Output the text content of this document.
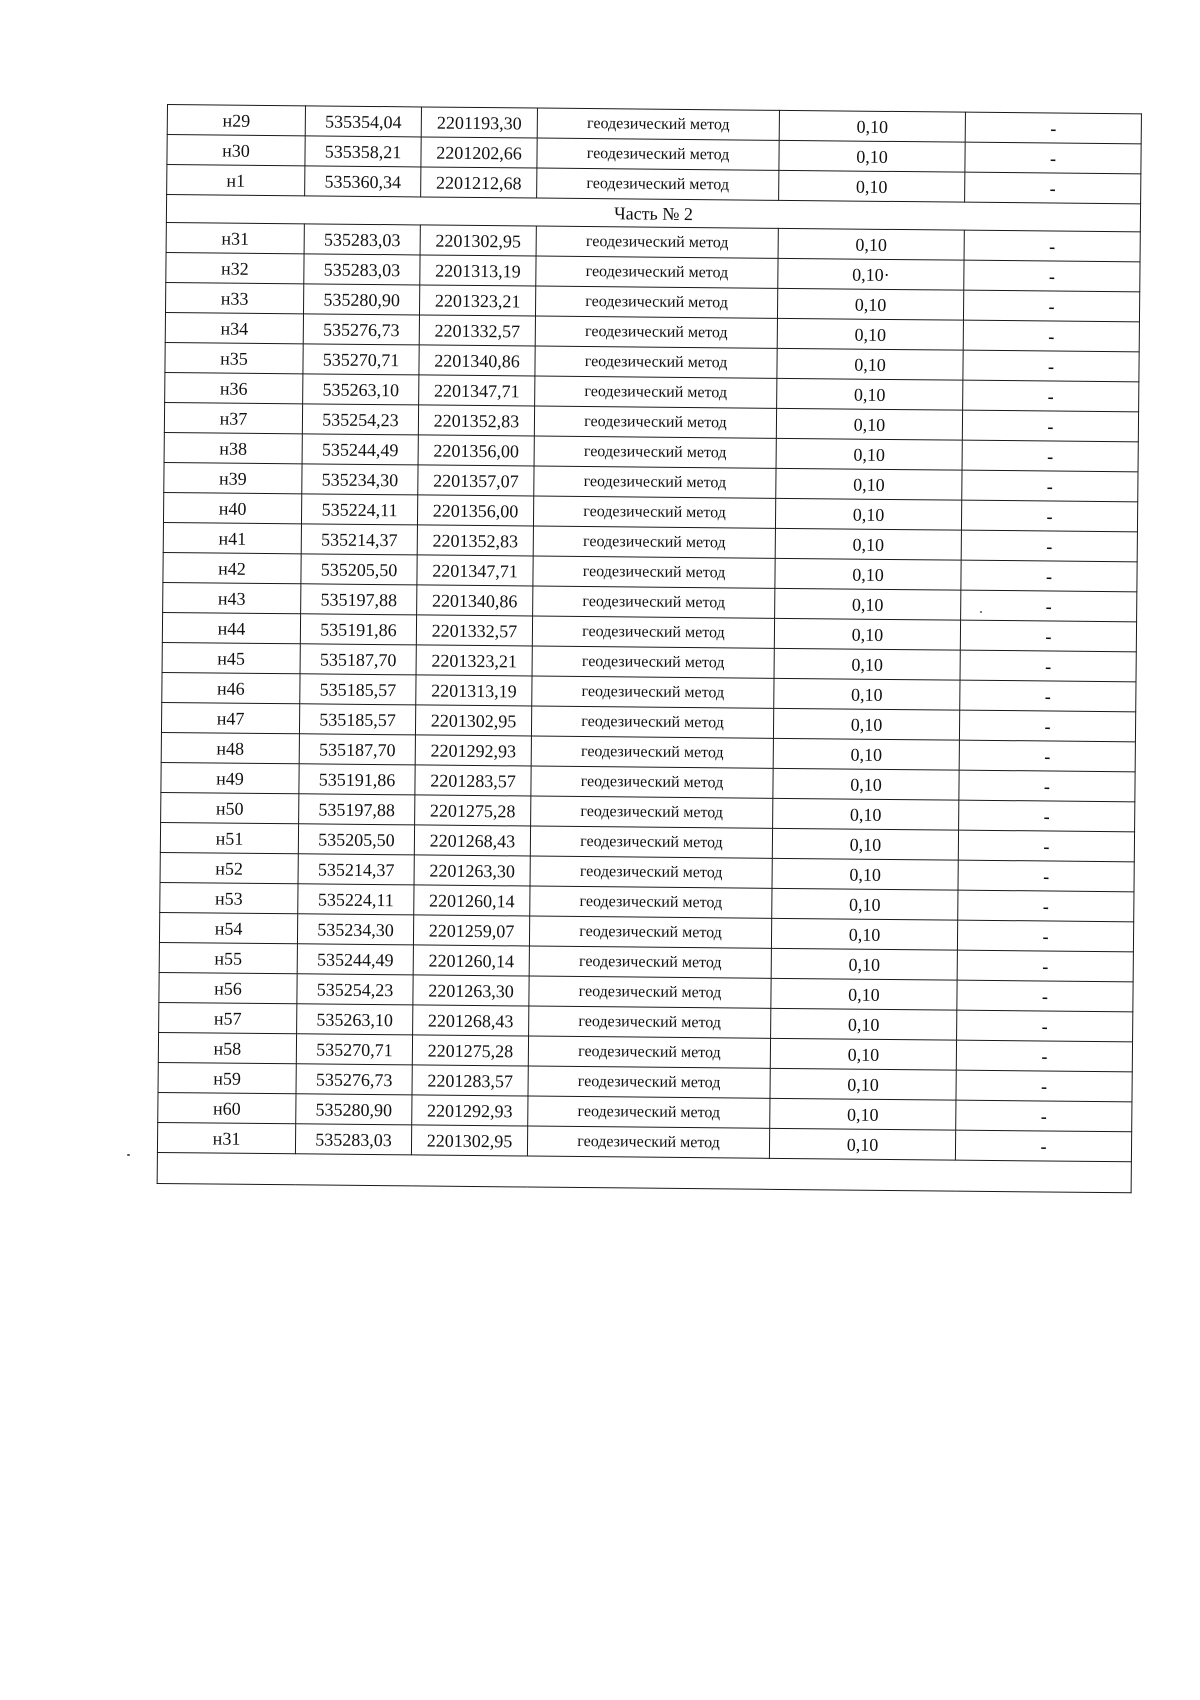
н29	535354,04	2201193,30	геодезический метод	0,10	-
н30	535358,21	2201202,66	геодезический метод	0,10	-
н1	535360,34	2201212,68	геодезический метод	0,10	-
Часть № 2					
н31	535283,03	2201302,95	геодезический метод	0,10	-
н32	535283,03	2201313,19	геодезический метод	0,10·	-
н33	535280,90	2201323,21	геодезический метод	0,10	-
н34	535276,73	2201332,57	геодезический метод	0,10	-
н35	535270,71	2201340,86	геодезический метод	0,10	-
н36	535263,10	2201347,71	геодезический метод	0,10	-
н37	535254,23	2201352,83	геодезический метод	0,10	-
н38	535244,49	2201356,00	геодезический метод	0,10	-
н39	535234,30	2201357,07	геодезический метод	0,10	-
н40	535224,11	2201356,00	геодезический метод	0,10	-
н41	535214,37	2201352,83	геодезический метод	0,10	-
н42	535205,50	2201347,71	геодезический метод	0,10	-
н43	535197,88	2201340,86	геодезический метод	0,10	-
н44	535191,86	2201332,57	геодезический метод	0,10	-
н45	535187,70	2201323,21	геодезический метод	0,10	-
н46	535185,57	2201313,19	геодезический метод	0,10	-
н47	535185,57	2201302,95	геодезический метод	0,10	-
н48	535187,70	2201292,93	геодезический метод	0,10	-
н49	535191,86	2201283,57	геодезический метод	0,10	-
н50	535197,88	2201275,28	геодезический метод	0,10	-
н51	535205,50	2201268,43	геодезический метод	0,10	-
н52	535214,37	2201263,30	геодезический метод	0,10	-
н53	535224,11	2201260,14	геодезический метод	0,10	-
н54	535234,30	2201259,07	геодезический метод	0,10	-
н55	535244,49	2201260,14	геодезический метод	0,10	-
н56	535254,23	2201263,30	геодезический метод	0,10	-
н57	535263,10	2201268,43	геодезический метод	0,10	-
н58	535270,71	2201275,28	геодезический метод	0,10	-
н59	535276,73	2201283,57	геодезический метод	0,10	-
н60	535280,90	2201292,93	геодезический метод	0,10	-
н31	535283,03	2201302,95	геодезический метод	0,10	-
